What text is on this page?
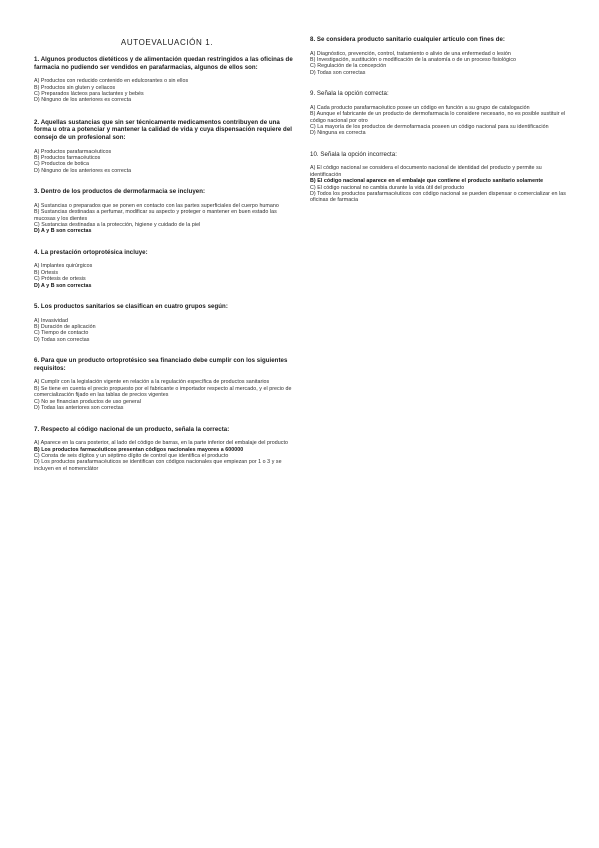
AUTOEVALUACIÓN 1.

1. Algunos productos dietéticos y de alimentación quedan restringidos a las oficinas de farmacia no pudiendo ser vendidos en parafarmacias, algunos de ellos son:

A) Productos con reducido contenido en edulcorantes o sin ellos

B) Productos sin gluten y celiacos

C) Preparados lácteos para lactantes y bebés

D) Ninguno de los anteriores es correcta

2. Aquellas sustancias que sin ser técnicamente medicamentos contribuyen de una forma u otra a potenciar y mantener la calidad de vida y cuya dispensación requiere del consejo de un profesional son:

A) Productos parafarmacéuticos

B) Productos farmacéuticos

C) Productos de botica

D) Ninguno de los anteriores es correcta

3. Dentro de los productos de dermofarmacia se incluyen:

A) Sustancias o preparados que se ponen en contacto con las partes superficiales del cuerpo humano

B) Sustancias destinadas a perfumar, modificar su aspecto y proteger o mantener en buen estado las mucosas y los dientes

C) Sustancias destinadas a la protección, higiene y cuidado de la piel

D) A y B son correctas

4. La prestación ortoprotésica incluye:

A) Implantes quirúrgicos

B) Ortesis

C) Prótesis de ortesis

D) A y B son correctas

5. Los productos sanitarios se clasifican en cuatro grupos según:

A) Invasividad

B) Duración de aplicación

C) Tiempo de contacto

D) Todas son correctas

6. Para que un producto ortoprotésico sea financiado debe cumplir con los siguientes requisitos:

A) Cumplir con la legislación vigente en relación a la regulación específica de productos sanitarios

B) Se tiene en cuenta el precio propuesto por el fabricante o importador respecto al mercado, y el precio de comercialización fijado en las tablas de precios vigentes

C) No se financian productos de uso general

D) Todas las anteriores son correctas

7. Respecto al código nacional de un producto, señala la correcta:

A) Aparece en la cara posterior, al lado del código de barras, en la parte inferior del embalaje del producto

B) Los productos farmacéuticos presentan códigos nacionales mayores a 600000

C) Consta de seis dígitos y un séptimo dígito de control que identifica el producto

D) Los productos parafarmacéuticos se identifican con códigos nacionales que empiezan por 1 o 3 y se incluyen en el nomenclátor

8. Se considera producto sanitario cualquier artículo con fines de:

A) Diagnóstico, prevención, control, tratamiento o alivio de una enfermedad o lesión

B) Investigación, sustitución o modificación de la anatomía o de un proceso fisiológico

C) Regulación de la concepción

D) Todas son correctas

9. Señala la opción correcta:

A) Cada producto parafarmacéutico posee un código en función a su grupo de catalogación

B) Aunque el fabricante de un producto de dermofarmacia lo considere necesario, no es posible sustituir el código nacional por otro

C) La mayoría de los productos de dermofarmacia poseen un código nacional para su identificación

D) Ninguna es correcta

10. Señala la opción incorrecta:

A) El código nacional se considera el documento nacional de identidad del producto y permite su identificación

B) El código nacional aparece en el embalaje que contiene el producto sanitario solamente

C) El código nacional no cambia durante la vida útil del producto

D) Todos los productos parafarmacéuticos con código nacional se pueden dispensar o comercializar en las oficinas de farmacia
